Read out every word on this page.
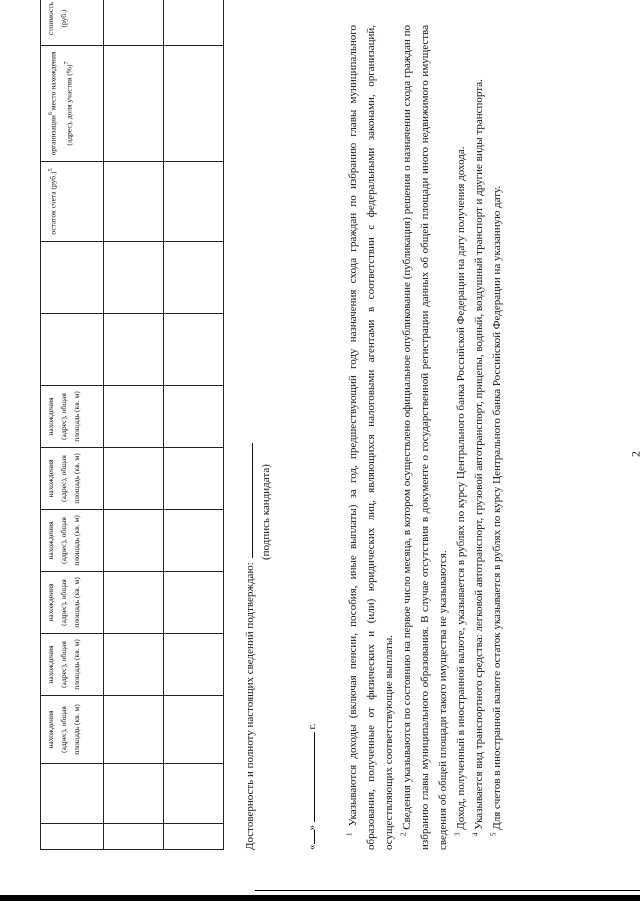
2

		нахождения (адрес), общая площадь (кв. м)	нахождения (адрес), общая площадь (кв. м)	нахождения (адрес), общая площадь (кв. м)	нахождения (адрес), общая площадь (кв. м)	нахождения (адрес), общая площадь (кв. м)	нахождения (адрес), общая площадь (кв. м)			остаток счета $(руб.)^5$	организации$^6$ место нахождения (адрес), доля участия (%)$^7$	стоимость (руб.)

Достоверность и полноту настоящих сведений подтверждаю:
(подпись кандидата)
«»  г.

$^1$ Указываются доходы (включая пенсии, пособия, иные выплаты) за год, предшествующий году назначения схода граждан по избранию главы муниципального образования, полученные от физических и (или) юридических лиц, являющихся налоговыми агентами в соответствии с федеральными законами, организаций, осуществляющих соответствующие выплаты. $^2$ Сведения указываются по состоянию на первое число месяца, в котором осуществлено официальное опубликование (публикация) решения о назначении схода граждан по избранию главы муниципального образования. В случае отсутствия в документе о государственной регистрации данных об общей площади иного недвижимого имущества сведения об общей площади такого имущества не указываются. $^3$ Доход, полученный в иностранной валюте, указывается в рублях по курсу Центрального банка Российской Федерации на дату получения дохода.

$^4$ Указывается вид транспортного средства: легковой автотранспорт, грузовой автотранспорт, прицепы, водный, воздушный транспорт и другие виды транспорта.

$^5$ Для счетов в иностранной валюте остаток указывается в рублях по курсу Центрального банка Российской Федерации на указанную дату.
